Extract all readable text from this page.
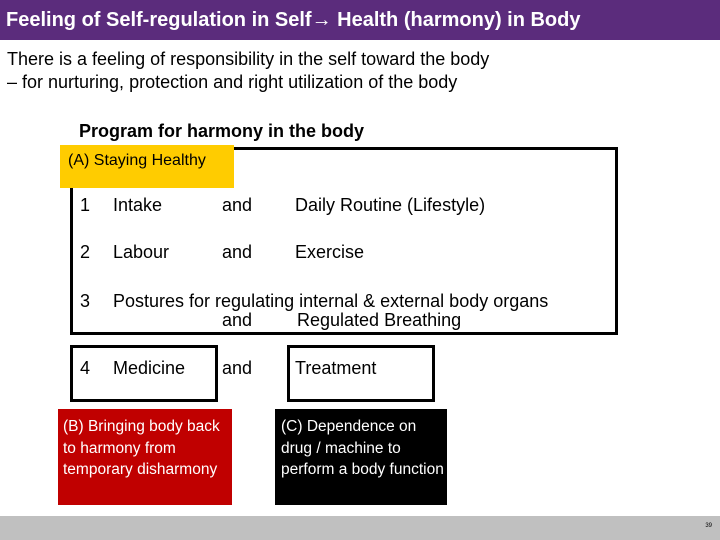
Feeling of Self-regulation in Self→ Health (harmony) in Body
There is a feeling of responsibility in the self toward the body
– for nurturing, protection and right utilization of the body
Program for harmony in the body
(A) Staying Healthy
1 Intake	and Daily Routine (Lifestyle)
2 Labour	and Exercise
3 Postures for regulating internal & external body organs
and Regulated Breathing
4 Medicine and Treatment
(B) Bringing body back to harmony from temporary disharmony
(C) Dependence on drug / machine to perform a body function
39
